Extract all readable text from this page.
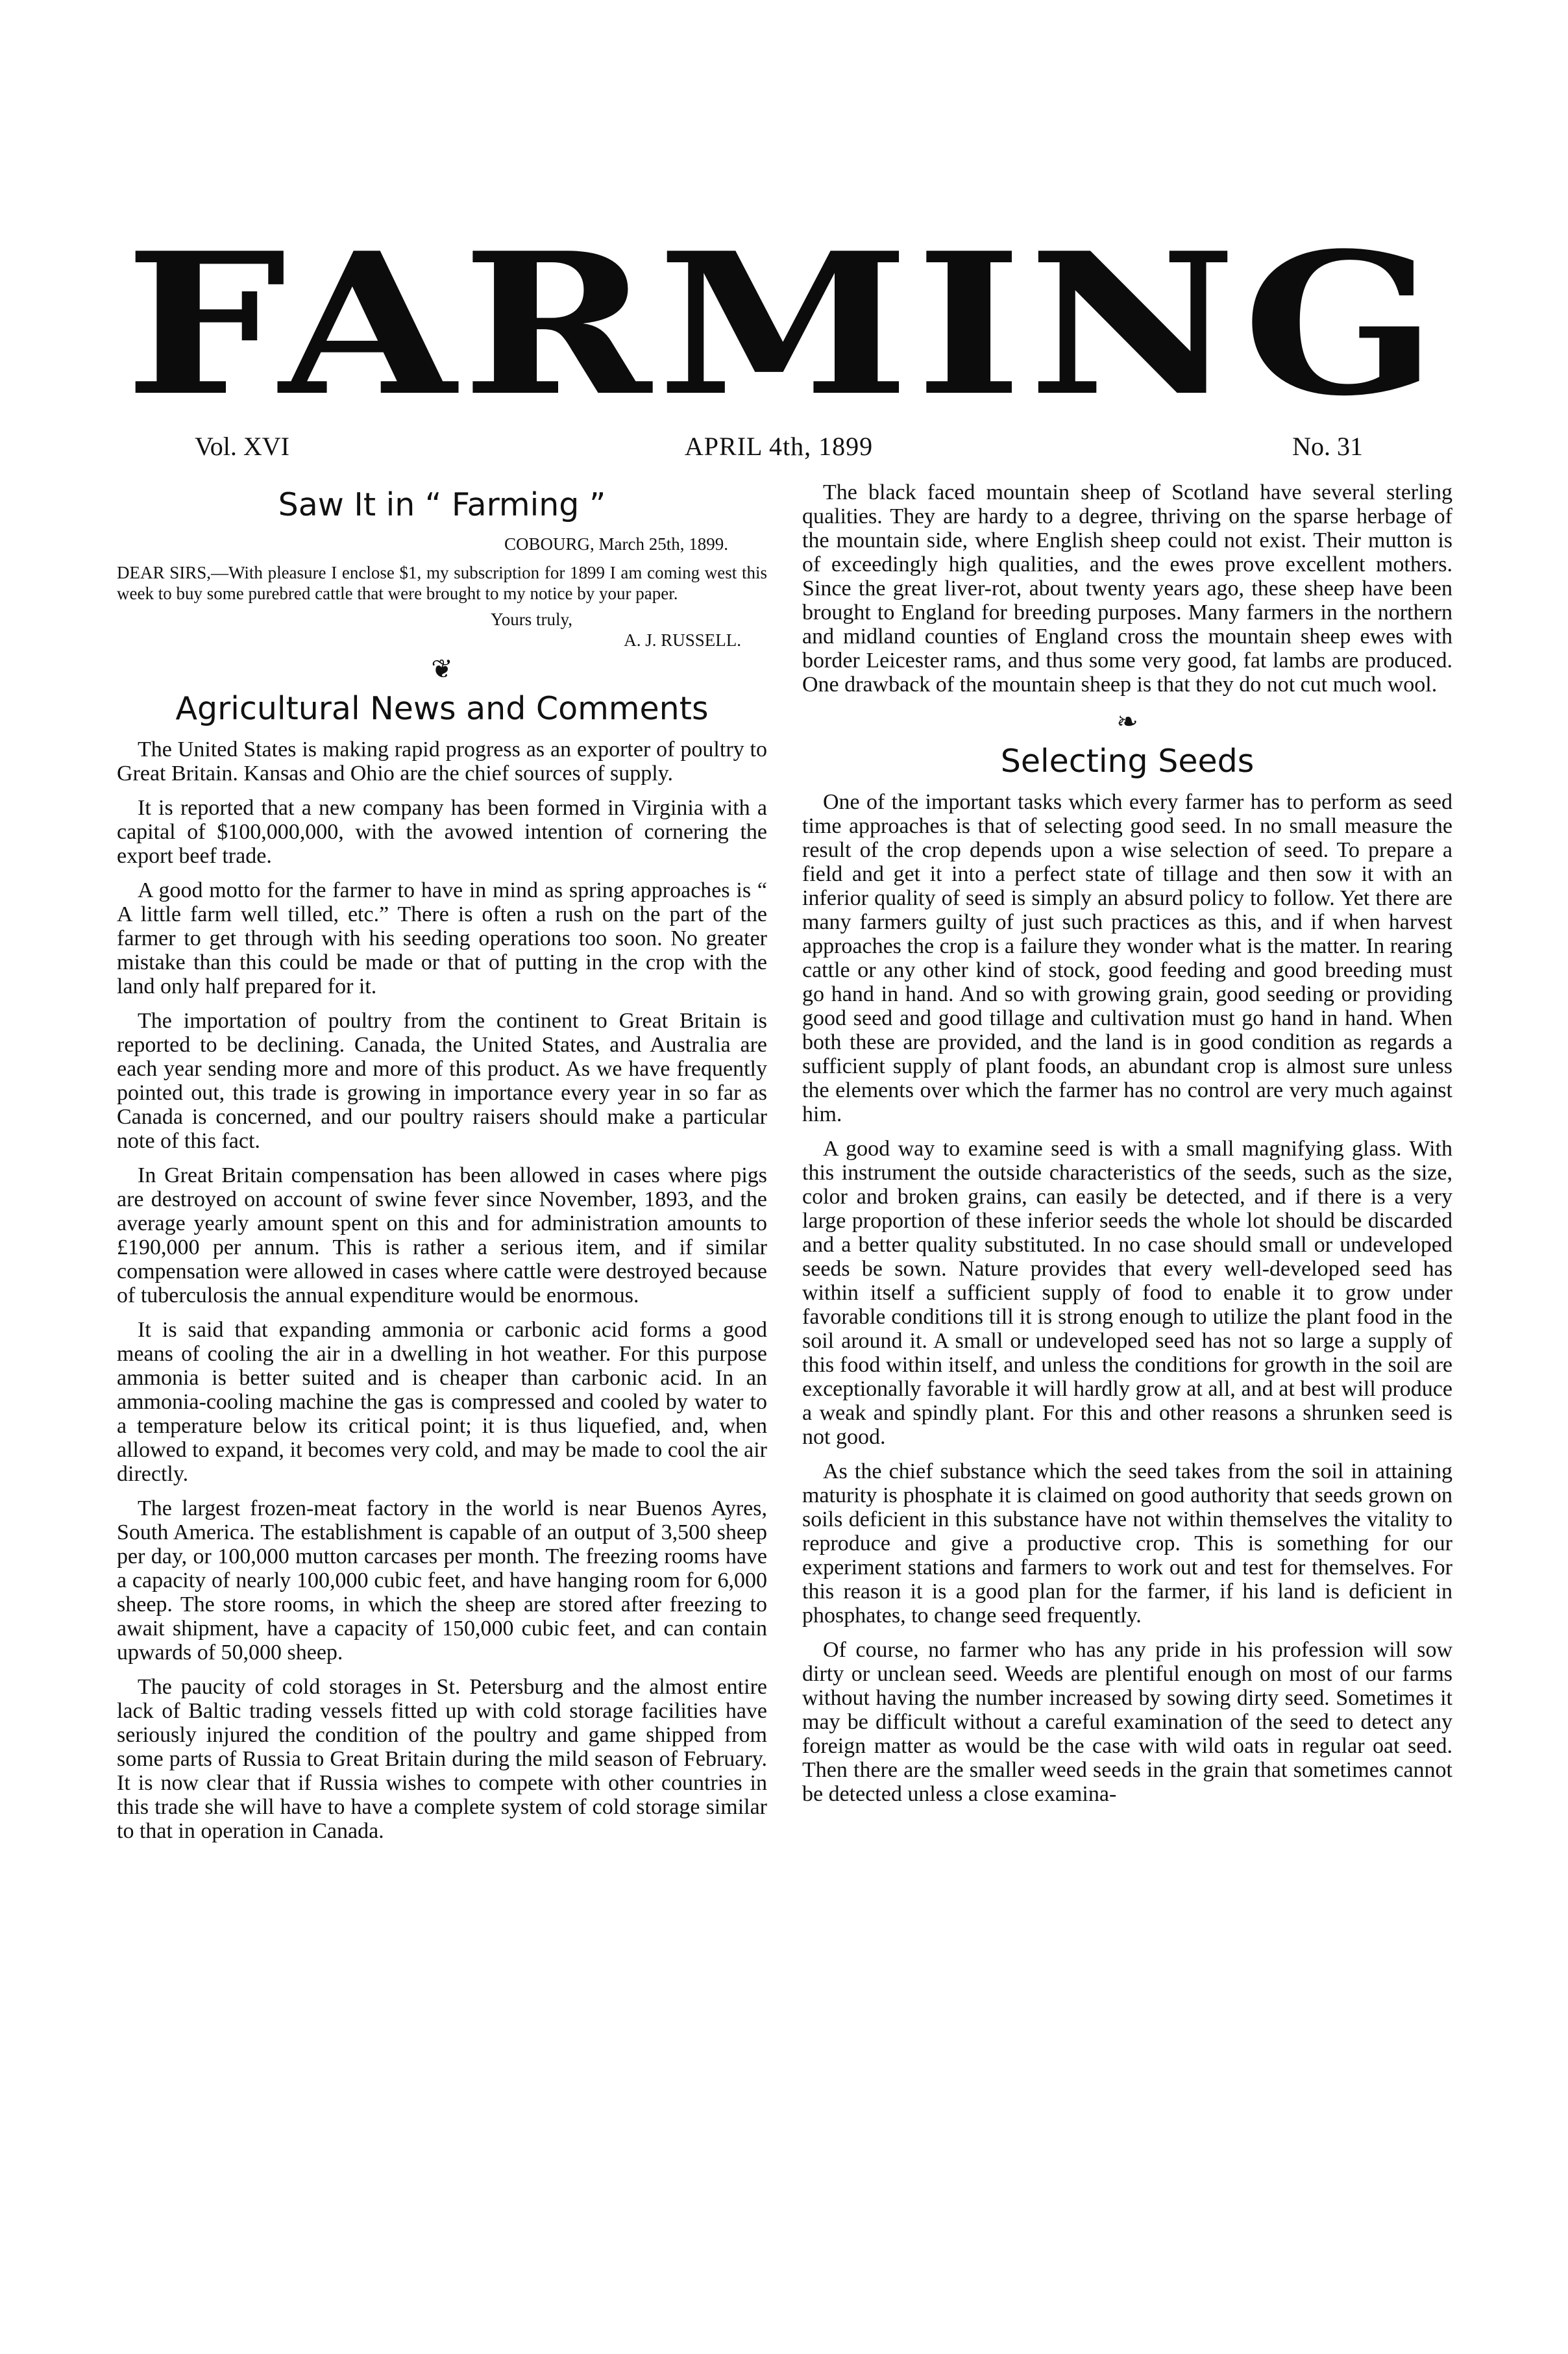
FARMING
Vol. XVI	APRIL 4th, 1899	No. 31
Saw It in “ Farming ”

COBOURG, March 25th, 1899.

DEAR SIRS,—With pleasure I enclose $1, my subscription for 1899 I am coming west this week to buy some purebred cattle that were brought to my notice by your paper.

Yours truly,

A. J. RUSSELL.

❦
Agricultural News and Comments

The United States is making rapid progress as an exporter of poultry to Great Britain. Kansas and Ohio are the chief sources of supply.

It is reported that a new company has been formed in Virginia with a capital of $100,000,000, with the avowed intention of cornering the export beef trade.

A good motto for the farmer to have in mind as spring approaches is “ A little farm well tilled, etc.” There is often a rush on the part of the farmer to get through with his seeding operations too soon. No greater mistake than this could be made or that of putting in the crop with the land only half prepared for it.

The importation of poultry from the continent to Great Britain is reported to be declining. Canada, the United States, and Australia are each year sending more and more of this product. As we have frequently pointed out, this trade is growing in importance every year in so far as Canada is concerned, and our poultry raisers should make a particular note of this fact.

In Great Britain compensation has been allowed in cases where pigs are destroyed on account of swine fever since November, 1893, and the average yearly amount spent on this and for administration amounts to £190,000 per annum. This is rather a serious item, and if similar compensation were allowed in cases where cattle were destroyed because of tuberculosis the annual expenditure would be enormous.

It is said that expanding ammonia or carbonic acid forms a good means of cooling the air in a dwelling in hot weather. For this purpose ammonia is better suited and is cheaper than carbonic acid. In an ammonia-cooling machine the gas is compressed and cooled by water to a temperature below its critical point; it is thus liquefied, and, when allowed to expand, it becomes very cold, and may be made to cool the air directly.

The largest frozen-meat factory in the world is near Buenos Ayres, South America. The establishment is capable of an output of 3,500 sheep per day, or 100,000 mutton carcases per month. The freezing rooms have a capacity of nearly 100,000 cubic feet, and have hanging room for 6,000 sheep. The store rooms, in which the sheep are stored after freezing to await shipment, have a capacity of 150,000 cubic feet, and can contain upwards of 50,000 sheep.

The paucity of cold storages in St. Petersburg and the almost entire lack of Baltic trading vessels fitted up with cold storage facilities have seriously injured the condition of the poultry and game shipped from some parts of Russia to Great Britain during the mild season of February. It is now clear that if Russia wishes to compete with other countries in this trade she will have to have a complete system of cold storage similar to that in operation in Canada.

The black faced mountain sheep of Scotland have several sterling qualities. They are hardy to a degree, thriving on the sparse herbage of the mountain side, where English sheep could not exist. Their mutton is of exceedingly high qualities, and the ewes prove excellent mothers. Since the great liver-rot, about twenty years ago, these sheep have been brought to England for breeding purposes. Many farmers in the northern and midland counties of England cross the mountain sheep ewes with border Leicester rams, and thus some very good, fat lambs are produced. One drawback of the mountain sheep is that they do not cut much wool.

❧
Selecting Seeds

One of the important tasks which every farmer has to perform as seed time approaches is that of selecting good seed. In no small measure the result of the crop depends upon a wise selection of seed. To prepare a field and get it into a perfect state of tillage and then sow it with an inferior quality of seed is simply an absurd policy to follow. Yet there are many farmers guilty of just such practices as this, and if when harvest approaches the crop is a failure they wonder what is the matter. In rearing cattle or any other kind of stock, good feeding and good breeding must go hand in hand. And so with growing grain, good seeding or providing good seed and good tillage and cultivation must go hand in hand. When both these are provided, and the land is in good condition as regards a sufficient supply of plant foods, an abundant crop is almost sure unless the elements over which the farmer has no control are very much against him.

A good way to examine seed is with a small magnifying glass. With this instrument the outside characteristics of the seeds, such as the size, color and broken grains, can easily be detected, and if there is a very large proportion of these inferior seeds the whole lot should be discarded and a better quality substituted. In no case should small or undeveloped seeds be sown. Nature provides that every well-developed seed has within itself a sufficient supply of food to enable it to grow under favorable conditions till it is strong enough to utilize the plant food in the soil around it. A small or undeveloped seed has not so large a supply of this food within itself, and unless the conditions for growth in the soil are exceptionally favorable it will hardly grow at all, and at best will produce a weak and spindly plant. For this and other reasons a shrunken seed is not good.

As the chief substance which the seed takes from the soil in attaining maturity is phosphate it is claimed on good authority that seeds grown on soils deficient in this substance have not within themselves the vitality to reproduce and give a productive crop. This is something for our experiment stations and farmers to work out and test for themselves. For this reason it is a good plan for the farmer, if his land is deficient in phosphates, to change seed frequently.

Of course, no farmer who has any pride in his profession will sow dirty or unclean seed. Weeds are plentiful enough on most of our farms without having the number increased by sowing dirty seed. Sometimes it may be difficult without a careful examination of the seed to detect any foreign matter as would be the case with wild oats in regular oat seed. Then there are the smaller weed seeds in the grain that sometimes cannot be detected unless a close examina-
